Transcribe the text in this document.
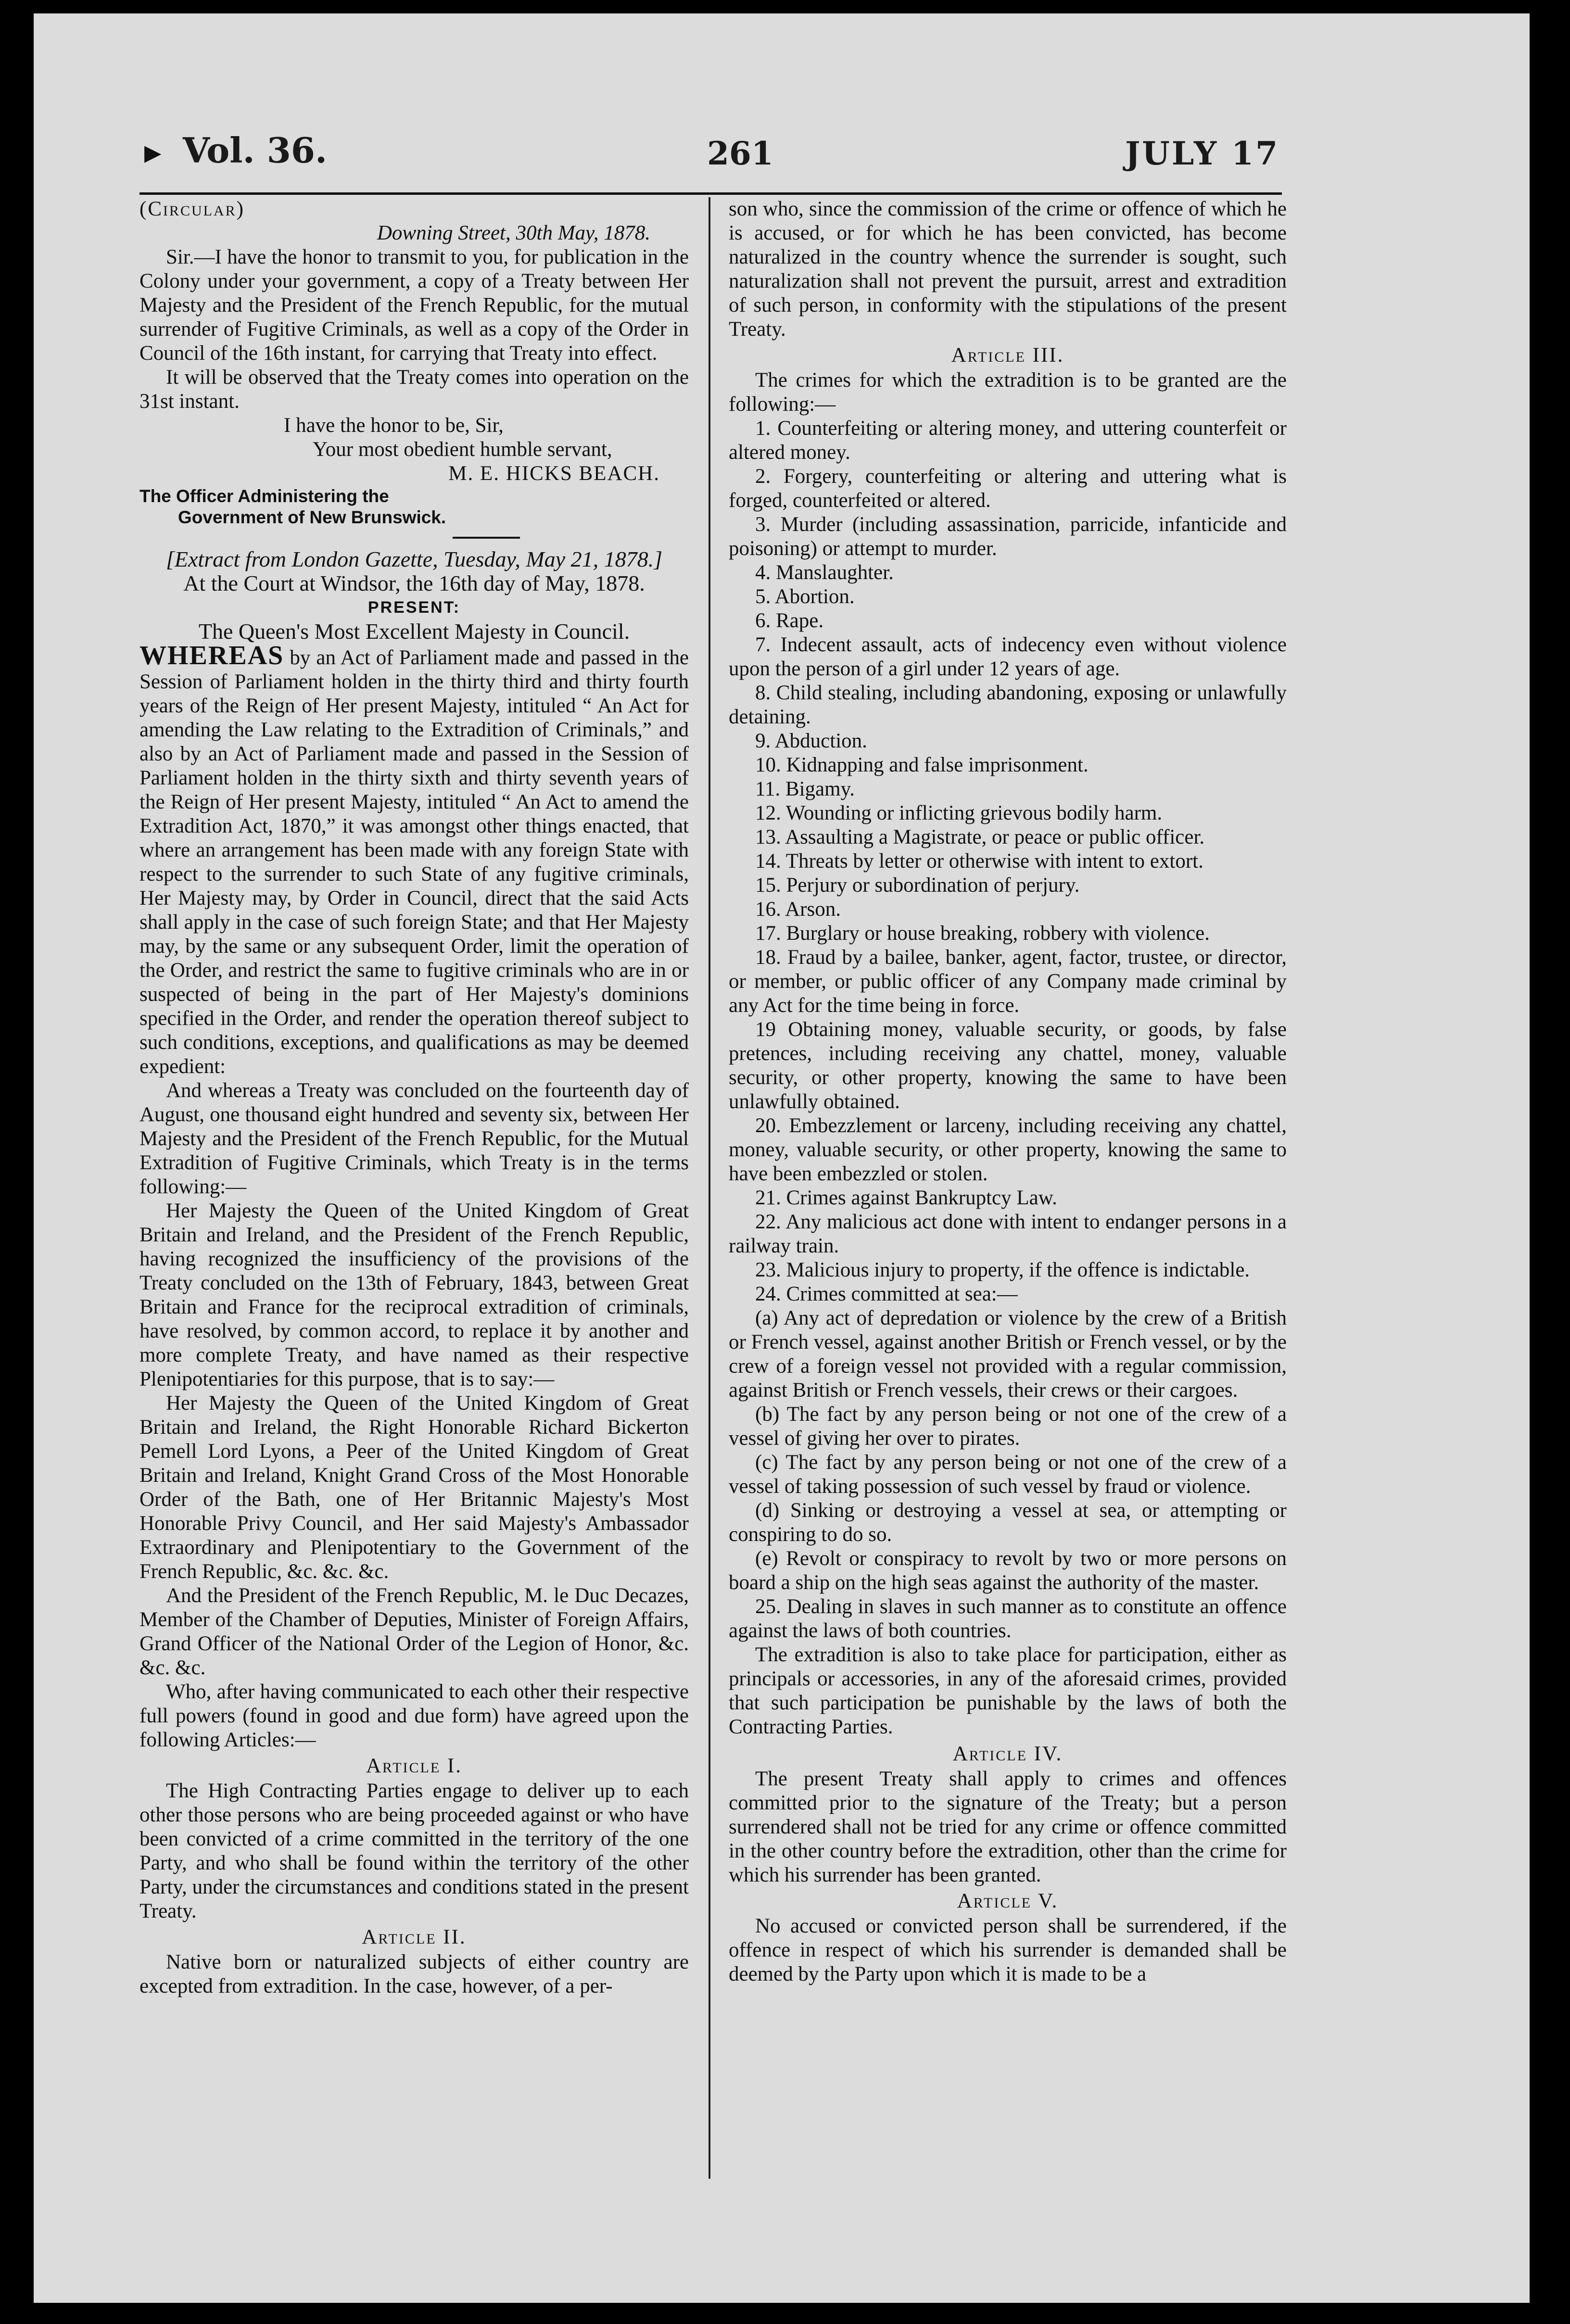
▶ Vol. 36.	261	JULY 17

(Circular)

Downing Street, 30th May, 1878.

Sir.—I have the honor to transmit to you, for publication in the Colony under your government, a copy of a Treaty between Her Majesty and the President of the French Republic, for the mutual surrender of Fugitive Criminals, as well as a copy of the Order in Council of the 16th instant, for carrying that Treaty into effect.

It will be observed that the Treaty comes into operation on the 31st instant.

I have the honor to be, Sir,

Your most obedient humble servant,

M. E. HICKS BEACH.

The Officer Administering the

Government of New Brunswick.

[Extract from London Gazette, Tuesday, May 21, 1878.]

At the Court at Windsor, the 16th day of May, 1878.

PRESENT:

The Queen's Most Excellent Majesty in Council.

WHEREAS by an Act of Parliament made and passed in the Session of Parliament holden in the thirty third and thirty fourth years of the Reign of Her present Majesty, intituled “ An Act for amending the Law relating to the Extradition of Criminals,” and also by an Act of Parliament made and passed in the Session of Parliament holden in the thirty sixth and thirty seventh years of the Reign of Her present Majesty, intituled “ An Act to amend the Extradition Act, 1870,” it was amongst other things enacted, that where an arrangement has been made with any foreign State with respect to the surrender to such State of any fugitive criminals, Her Majesty may, by Order in Council, direct that the said Acts shall apply in the case of such foreign State; and that Her Majesty may, by the same or any subsequent Order, limit the operation of the Order, and restrict the same to fugitive criminals who are in or suspected of being in the part of Her Majesty's dominions specified in the Order, and render the operation thereof subject to such conditions, exceptions, and qualifications as may be deemed expedient:

And whereas a Treaty was concluded on the fourteenth day of August, one thousand eight hundred and seventy six, between Her Majesty and the President of the French Republic, for the Mutual Extradition of Fugitive Criminals, which Treaty is in the terms following:—

Her Majesty the Queen of the United Kingdom of Great Britain and Ireland, and the President of the French Republic, having recognized the insufficiency of the provisions of the Treaty concluded on the 13th of February, 1843, between Great Britain and France for the reciprocal extradition of criminals, have resolved, by common accord, to replace it by another and more complete Treaty, and have named as their respective Plenipotentiaries for this purpose, that is to say:—

Her Majesty the Queen of the United Kingdom of Great Britain and Ireland, the Right Honorable Richard Bickerton Pemell Lord Lyons, a Peer of the United Kingdom of Great Britain and Ireland, Knight Grand Cross of the Most Honorable Order of the Bath, one of Her Britannic Majesty's Most Honorable Privy Council, and Her said Majesty's Ambassador Extraordinary and Plenipotentiary to the Government of the French Republic, &c. &c. &c.

And the President of the French Republic, M. le Duc Decazes, Member of the Chamber of Deputies, Minister of Foreign Affairs, Grand Officer of the National Order of the Legion of Honor, &c. &c. &c.

Who, after having communicated to each other their respective full powers (found in good and due form) have agreed upon the following Articles:—

Article I.

The High Contracting Parties engage to deliver up to each other those persons who are being proceeded against or who have been convicted of a crime committed in the territory of the one Party, and who shall be found within the territory of the other Party, under the circumstances and conditions stated in the present Treaty.

Article II.

Native born or naturalized subjects of either country are excepted from extradition. In the case, however, of a per-

son who, since the commission of the crime or offence of which he is accused, or for which he has been convicted, has become naturalized in the country whence the surrender is sought, such naturalization shall not prevent the pursuit, arrest and extradition of such person, in conformity with the stipulations of the present Treaty.

Article III.

The crimes for which the extradition is to be granted are the following:—

1. Counterfeiting or altering money, and uttering counterfeit or altered money.

2. Forgery, counterfeiting or altering and uttering what is forged, counterfeited or altered.

3. Murder (including assassination, parricide, infanticide and poisoning) or attempt to murder.

4. Manslaughter.

5. Abortion.

6. Rape.

7. Indecent assault, acts of indecency even without violence upon the person of a girl under 12 years of age.

8. Child stealing, including abandoning, exposing or unlawfully detaining.

9. Abduction.

10. Kidnapping and false imprisonment.

11. Bigamy.

12. Wounding or inflicting grievous bodily harm.

13. Assaulting a Magistrate, or peace or public officer.

14. Threats by letter or otherwise with intent to extort.

15. Perjury or subordination of perjury.

16. Arson.

17. Burglary or house breaking, robbery with violence.

18. Fraud by a bailee, banker, agent, factor, trustee, or director, or member, or public officer of any Company made criminal by any Act for the time being in force.

19 Obtaining money, valuable security, or goods, by false pretences, including receiving any chattel, money, valuable security, or other property, knowing the same to have been unlawfully obtained.

20. Embezzlement or larceny, including receiving any chattel, money, valuable security, or other property, knowing the same to have been embezzled or stolen.

21. Crimes against Bankruptcy Law.

22. Any malicious act done with intent to endanger persons in a railway train.

23. Malicious injury to property, if the offence is indictable.

24. Crimes committed at sea:—

(a) Any act of depredation or violence by the crew of a British or French vessel, against another British or French vessel, or by the crew of a foreign vessel not provided with a regular commission, against British or French vessels, their crews or their cargoes.

(b) The fact by any person being or not one of the crew of a vessel of giving her over to pirates.

(c) The fact by any person being or not one of the crew of a vessel of taking possession of such vessel by fraud or violence.

(d) Sinking or destroying a vessel at sea, or attempting or conspiring to do so.

(e) Revolt or conspiracy to revolt by two or more persons on board a ship on the high seas against the authority of the master.

25. Dealing in slaves in such manner as to constitute an offence against the laws of both countries.

The extradition is also to take place for participation, either as principals or accessories, in any of the aforesaid crimes, provided that such participation be punishable by the laws of both the Contracting Parties.

Article IV.

The present Treaty shall apply to crimes and offences committed prior to the signature of the Treaty; but a person surrendered shall not be tried for any crime or offence committed in the other country before the extradition, other than the crime for which his surrender has been granted.

Article V.

No accused or convicted person shall be surrendered, if the offence in respect of which his surrender is demanded shall be deemed by the Party upon which it is made to be a
